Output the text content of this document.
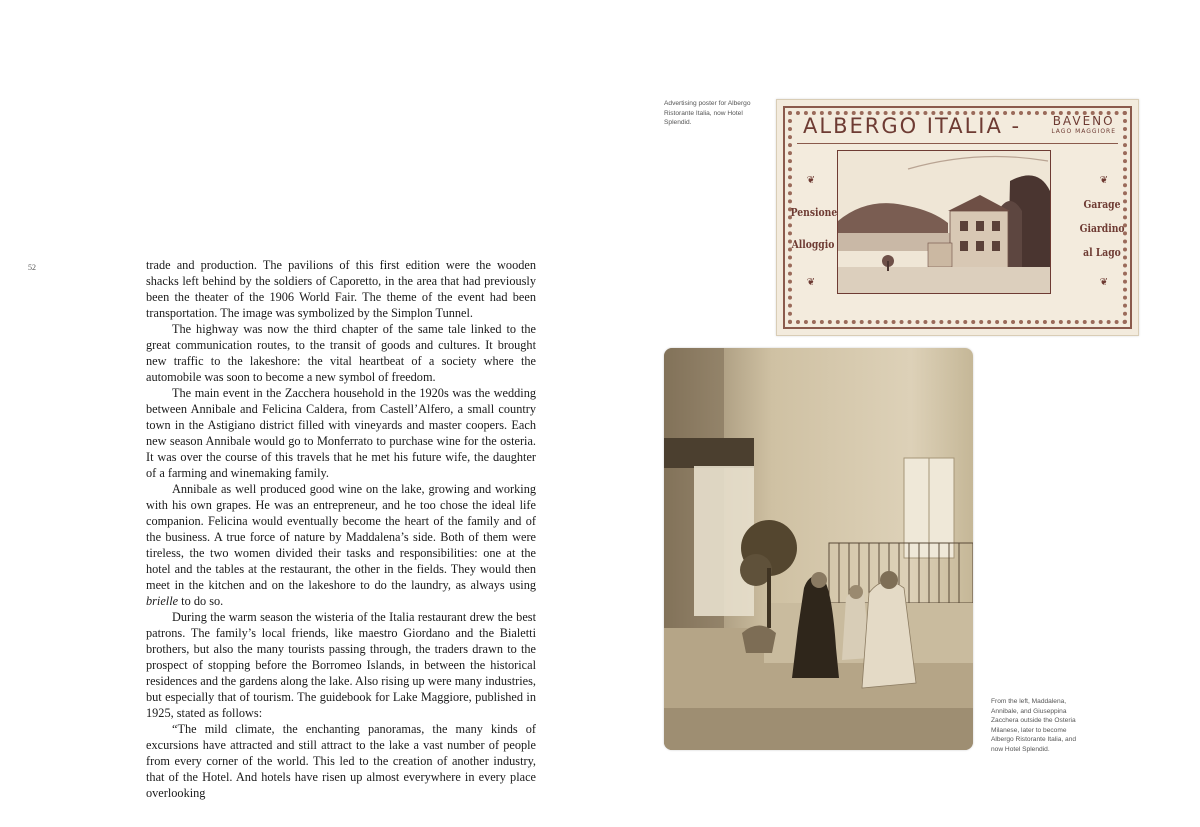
52	trade and production. The pavilions of this first edition were the wooden shacks left behind by the soldiers of Caporetto, in the area that had previously been the theater of the 1906 World Fair. The theme of the event had been transportation. The image was symbolized by the Simplon Tunnel.

The highway was now the third chapter of the same tale linked to the great communication routes, to the transit of goods and cultures. It brought new traffic to the lakeshore: the vital heartbeat of a society where the automobile was soon to become a new symbol of freedom.

The main event in the Zacchera household in the 1920s was the wedding between Annibale and Felicina Caldera, from Castell’Alfero, a small country town in the Astigiano district filled with vineyards and master coopers. Each new season Annibale would go to Monferrato to purchase wine for the osteria. It was over the course of this travels that he met his future wife, the daughter of a farming and winemaking family.

Annibale as well produced good wine on the lake, growing and working with his own grapes. He was an entrepreneur, and he too chose the ideal life companion. Felicina would eventually become the heart of the family and of the business. A true force of nature by Maddalena’s side. Both of them were tireless, the two women divided their tasks and responsibilities: one at the hotel and the tables at the restaurant, the other in the fields. They would then meet in the kitchen and on the lakeshore to do the laundry, as always using brielle to do so.

During the warm season the wisteria of the Italia restaurant drew the best patrons. The family’s local friends, like maestro Giordano and the Bialetti brothers, but also the many tourists passing through, the traders drawn to the prospect of stopping before the Borromeo Islands, in between the historical residences and the gardens along the lake. Also rising up were many industries, but especially that of tourism. The guidebook for Lake Maggiore, published in 1925, stated as follows:

“The mild climate, the enchanting panoramas, the many kinds of excursions have attracted and still attract to the lake a vast number of people from every corner of the world. This led to the creation of another industry, that of the Hotel. And hotels have risen up almost everywhere in every place overlooking

Advertising poster for Albergo Ristorante Italia, now Hotel Splendid.	ALBERGO ITALIA -	BAVENO
LAGO MAGGIORE
❦
❦
❦
❦
Pensione
Alloggio
Garage
Giardino
al Lago
From the left, Maddalena, Annibale, and Giuseppina Zacchera outside the Osteria Milanese, later to become Albergo Ristorante Italia, and now Hotel Splendid.
